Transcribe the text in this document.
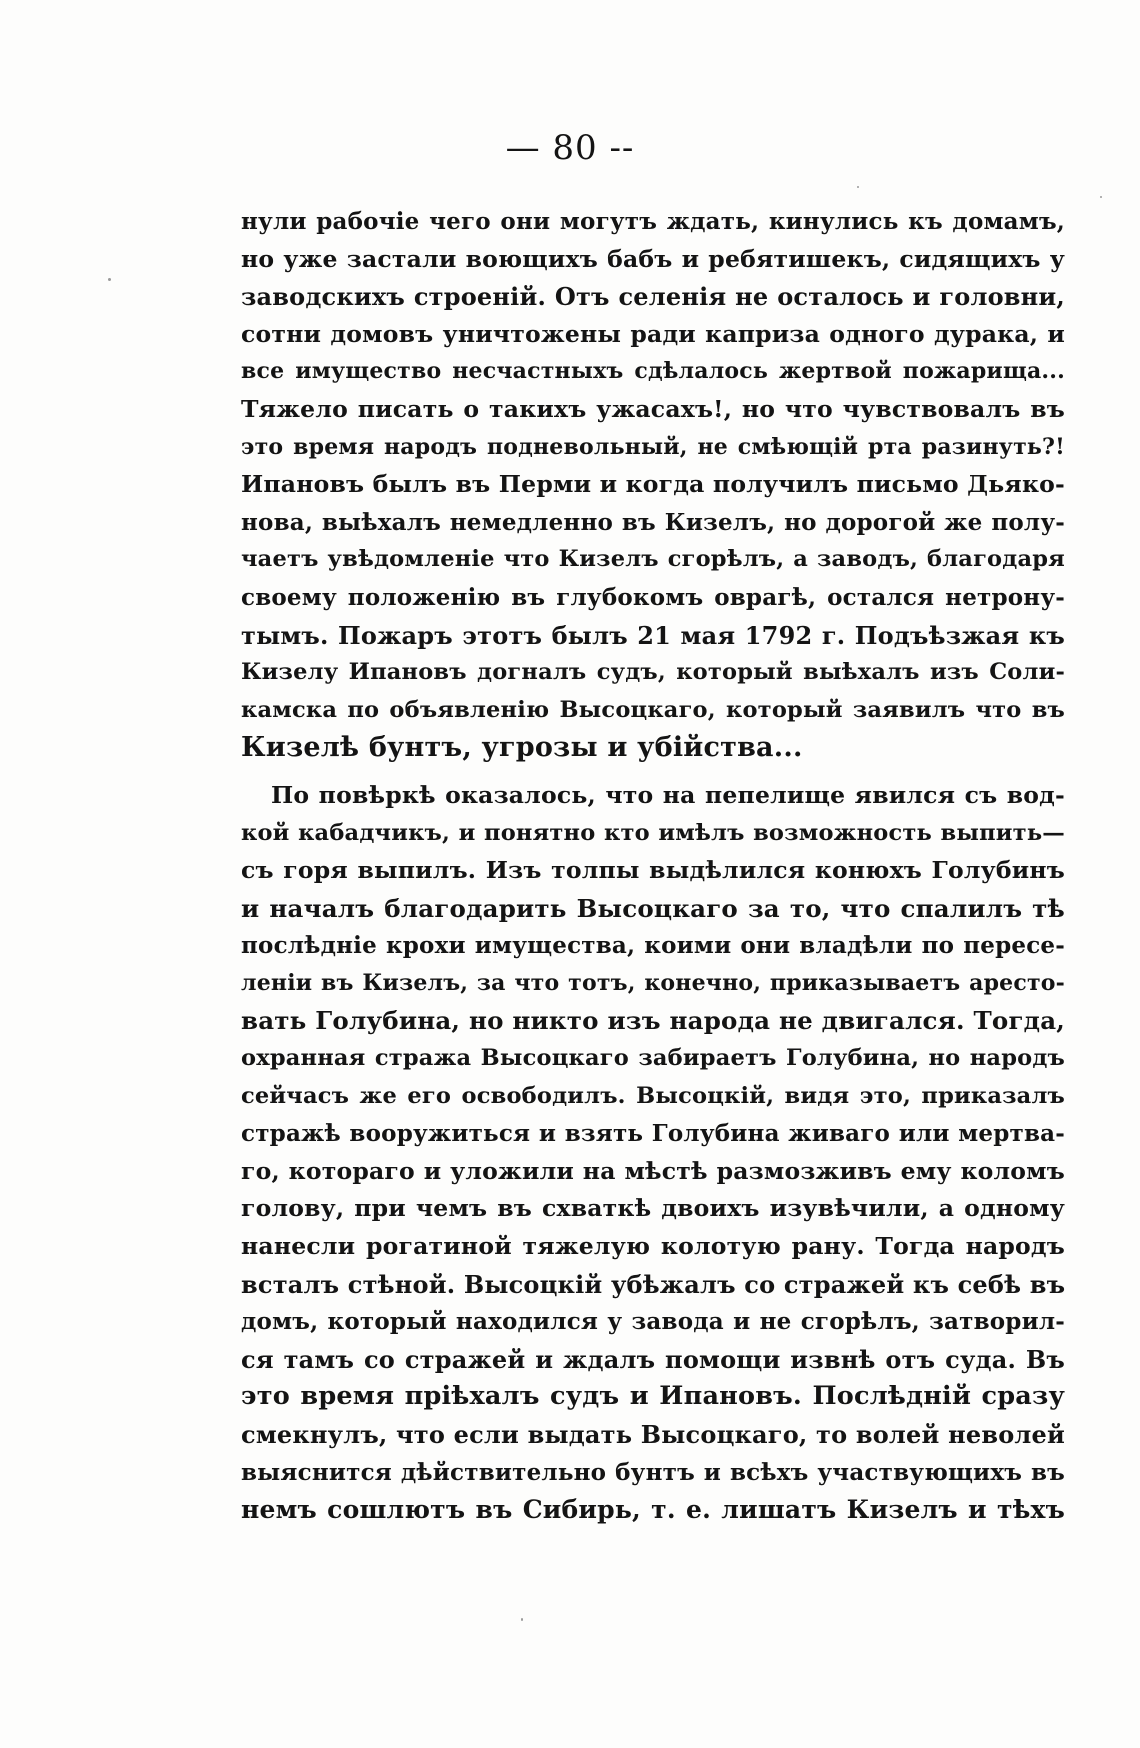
— 80 --
нули рабочіе чего они могутъ ждать, кинулись къ домамъ,
но уже застали воющихъ бабъ и ребятишекъ, сидящихъ у
заводскихъ строеній. Отъ селенія не осталось и головни,
сотни домовъ уничтожены ради каприза одного дурака, и
все имущество несчастныхъ сдѣлалось жертвой пожарища...
Тяжело писать о такихъ ужасахъ!, но что чувствовалъ въ
это время народъ подневольный, не смѣющій рта разинуть?!
Ипановъ былъ въ Перми и когда получилъ письмо Дьяко-
нова, выѣхалъ немедленно въ Кизелъ, но дорогой же полу-
чаетъ увѣдомленіе что Кизелъ сгорѣлъ, а заводъ, благодаря
своему положенію въ глубокомъ оврагѣ, остался нетрону-
тымъ. Пожаръ этотъ былъ 21 мая 1792 г. Подъѣзжая къ
Кизелу Ипановъ догналъ судъ, который выѣхалъ изъ Соли-
камска по объявленію Высоцкаго, который заявилъ что въ
Кизелѣ бунтъ, угрозы и убійства...
По повѣркѣ оказалось, что на пепелище явился съ вод-
кой кабадчикъ, и понятно кто имѣлъ возможность выпить—
съ горя выпилъ. Изъ толпы выдѣлился конюхъ Голубинъ
и началъ благодарить Высоцкаго за то, что спалилъ тѣ
послѣдніе крохи имущества, коими они владѣли по пересе-
леніи въ Кизелъ, за что тотъ, конечно, приказываетъ аресто-
вать Голубина, но никто изъ народа не двигался. Тогда,
охранная стража Высоцкаго забираетъ Голубина, но народъ
сейчасъ же его освободилъ. Высоцкій, видя это, приказалъ
стражѣ вооружиться и взять Голубина живаго или мертва-
го, котораго и уложили на мѣстѣ размозживъ ему коломъ
голову, при чемъ въ схваткѣ двоихъ изувѣчили, а одному
нанесли рогатиной тяжелую колотую рану. Тогда народъ
всталъ стѣной. Высоцкій убѣжалъ со стражей къ себѣ въ
домъ, который находился у завода и не сгорѣлъ, затворил-
ся тамъ со стражей и ждалъ помощи извнѣ отъ суда. Въ
это время пріѣхалъ судъ и Ипановъ. Послѣдній сразу
смекнулъ, что если выдать Высоцкаго, то волей неволей
выяснится дѣйствительно бунтъ и всѣхъ участвующихъ въ
немъ сошлютъ въ Сибирь, т. е. лишатъ Кизелъ и тѣхъ
